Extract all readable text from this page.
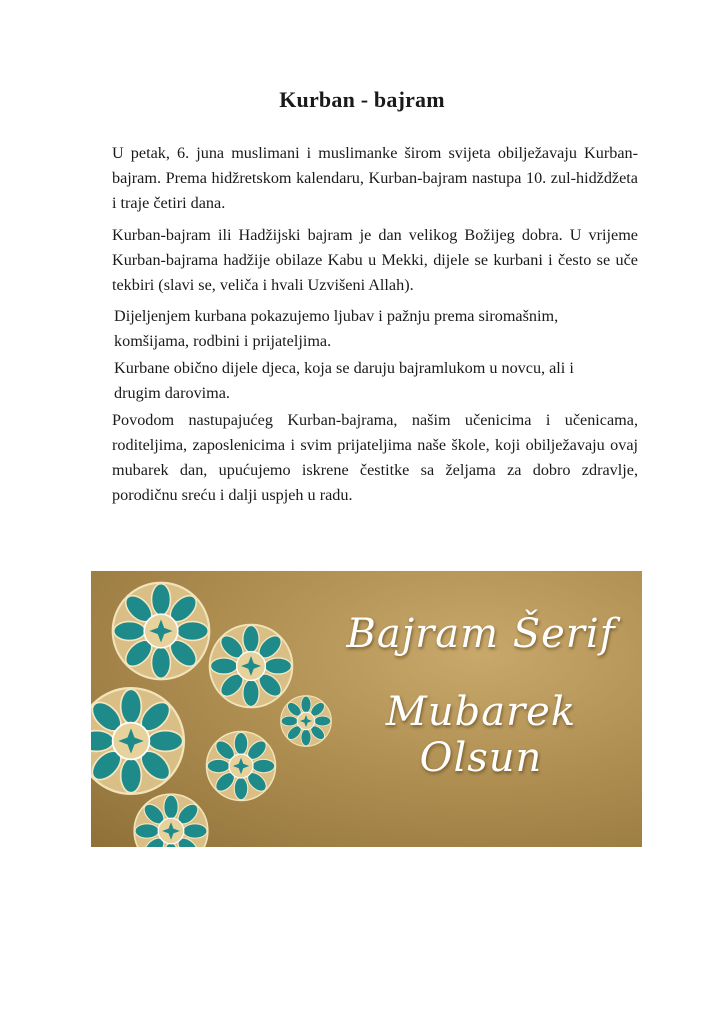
Kurban - bajram
U petak, 6. juna muslimani i muslimanke širom svijeta obilježavaju Kurban-bajram. Prema hidžretskom kalendaru, Kurban-bajram nastupa 10. zul-hidždžeta i traje četiri dana.
Kurban-bajram ili Hadžijski bajram je dan velikog Božijeg dobra. U vrijeme Kurban-bajrama hadžije obilaze Kabu u Mekki, dijele se kurbani i često se uče tekbiri (slavi se, veliča i hvali Uzvišeni Allah).
Dijeljenjem kurbana pokazujemo ljubav i pažnju prema siromašnim, komšijama, rodbini i prijateljima.
Kurbane obično dijele djeca, koja se daruju bajramlukom u novcu, ali i drugim darovima.
Povodom nastupajućeg Kurban-bajrama, našim učenicima i učenicama, roditeljima, zaposlenicima i svim prijateljima naše škole, koji obilježavaju ovaj mubarek dan, upućujemo iskrene čestitke sa željama za dobro zdravlje, porodičnu sreću i dalji uspjeh u radu.
Bajram Šerif
Mubarek Olsun
